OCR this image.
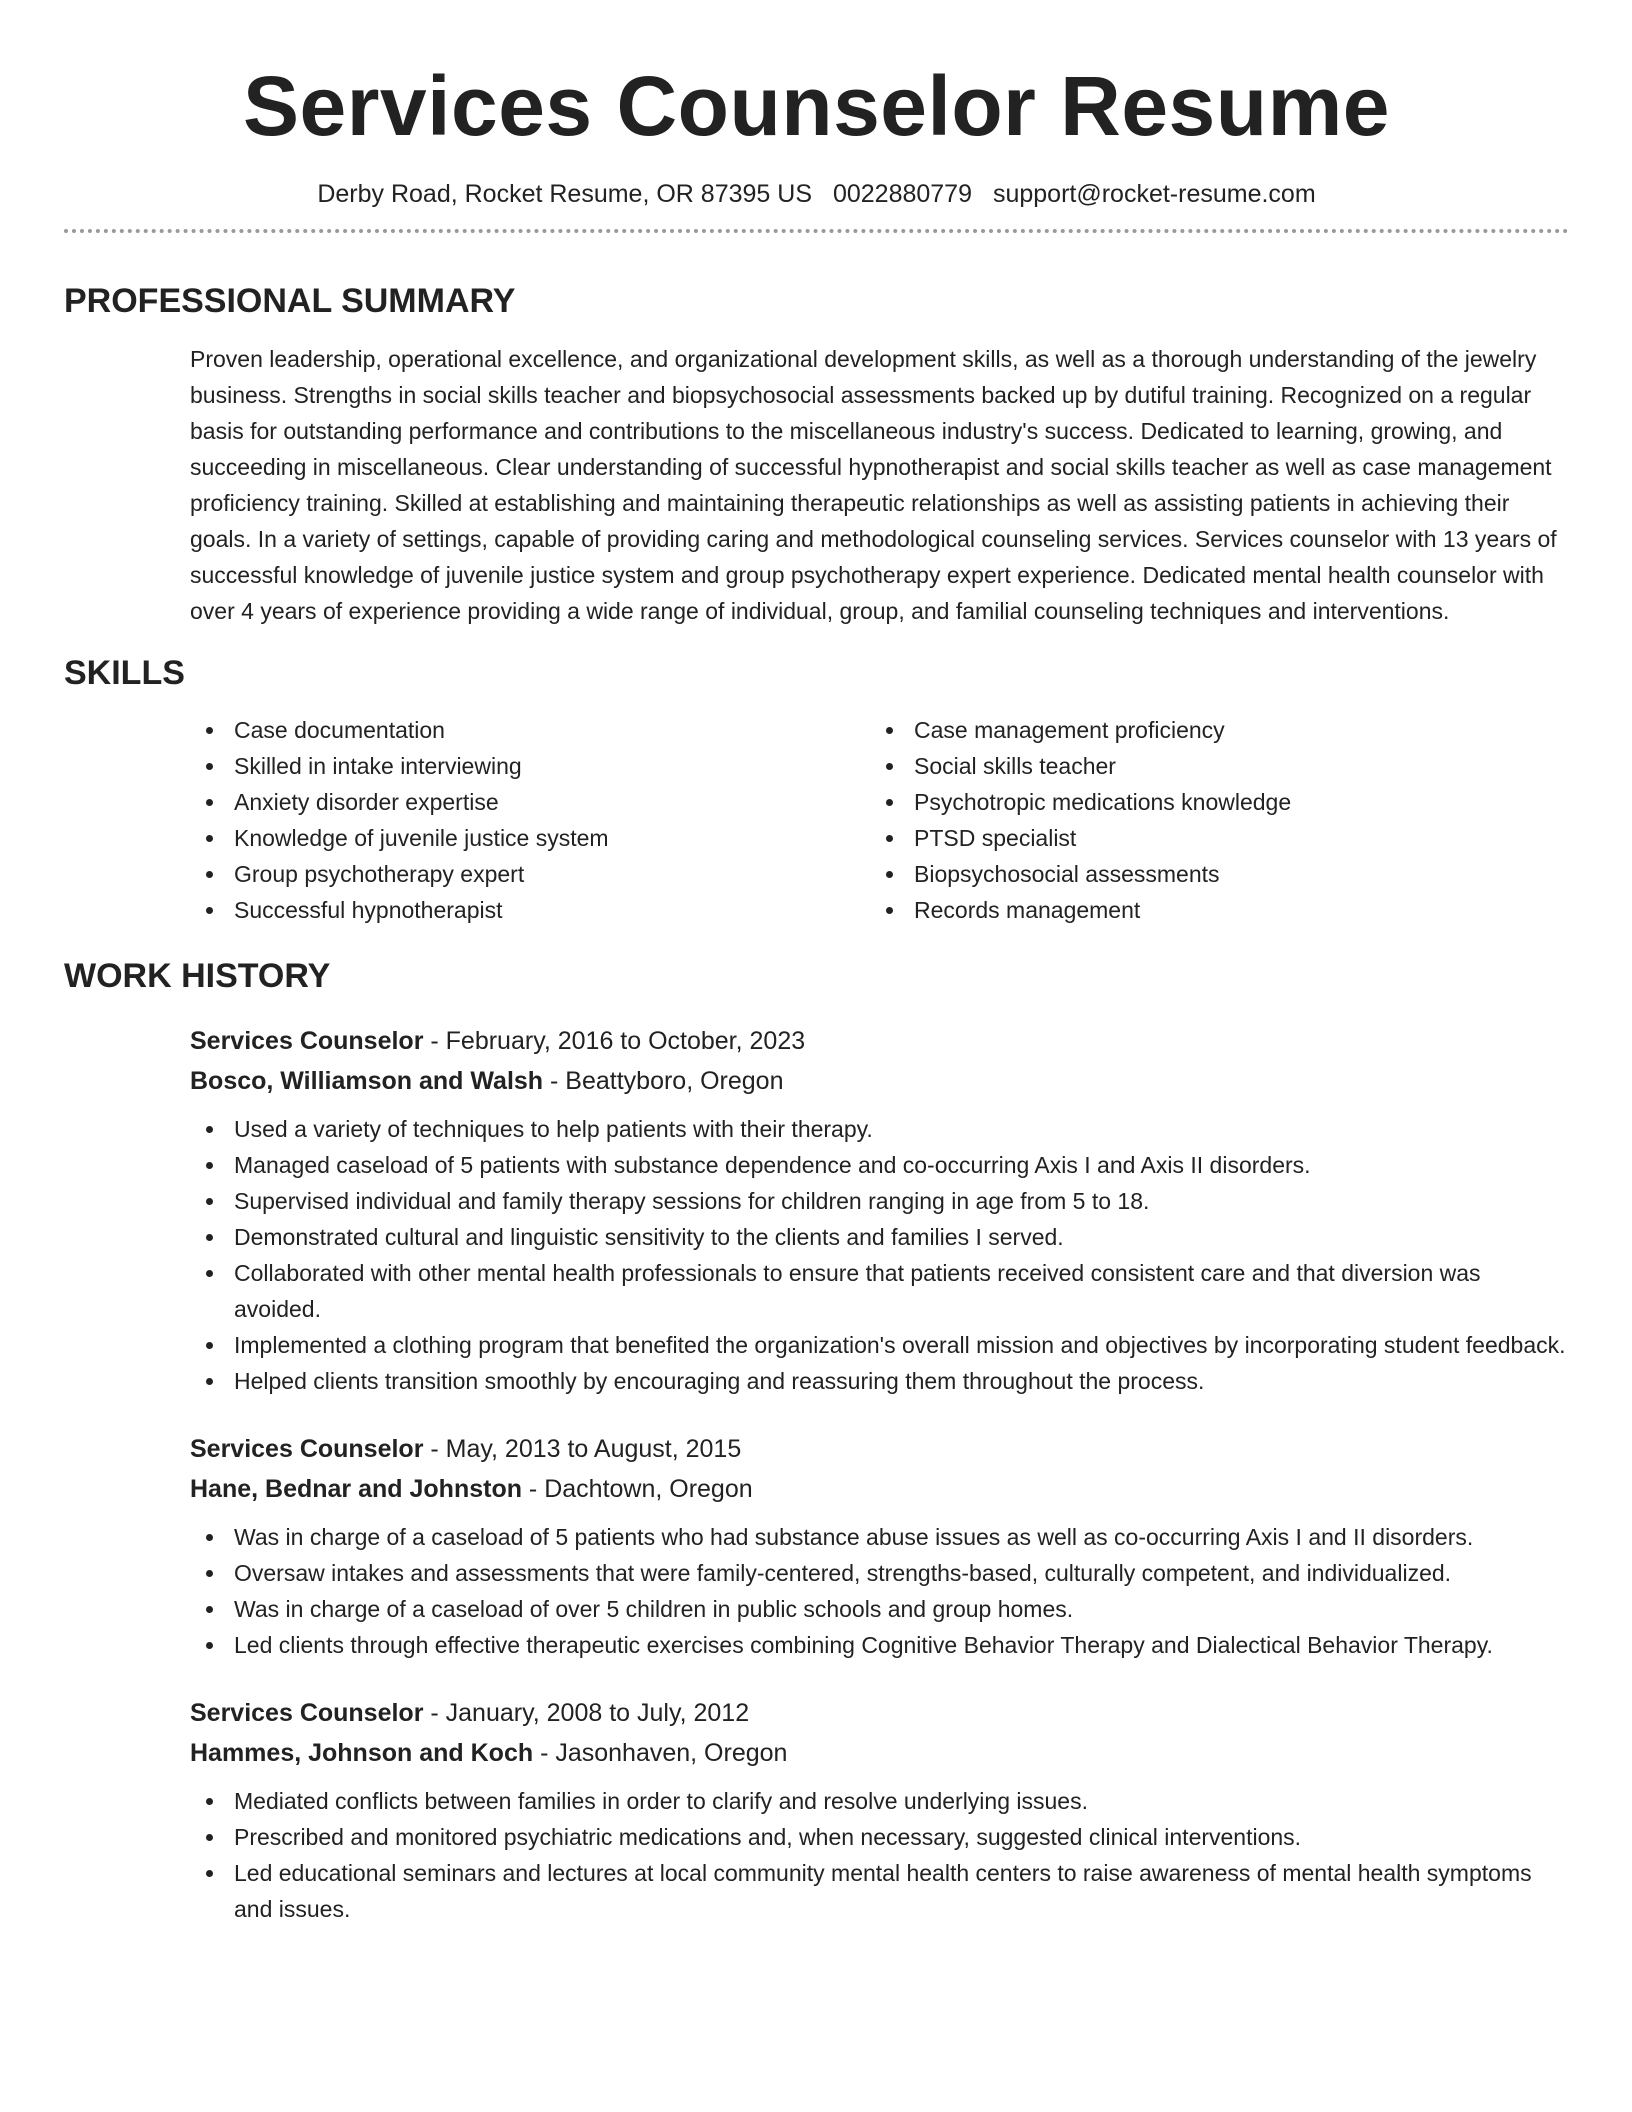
Services Counselor Resume
Derby Road, Rocket Resume, OR 87395 US 0022880779 support@rocket-resume.com
PROFESSIONAL SUMMARY

Proven leadership, operational excellence, and organizational development skills, as well as a thorough understanding of the jewelry business. Strengths in social skills teacher and biopsychosocial assessments backed up by dutiful training. Recognized on a regular basis for outstanding performance and contributions to the miscellaneous industry's success. Dedicated to learning, growing, and succeeding in miscellaneous. Clear understanding of successful hypnotherapist and social skills teacher as well as case management proficiency training. Skilled at establishing and maintaining therapeutic relationships as well as assisting patients in achieving their goals. In a variety of settings, capable of providing caring and methodological counseling services. Services counselor with 13 years of successful knowledge of juvenile justice system and group psychotherapy expert experience. Dedicated mental health counselor with over 4 years of experience providing a wide range of individual, group, and familial counseling techniques and interventions.

SKILLS
Case documentation
Skilled in intake interviewing
Anxiety disorder expertise
Knowledge of juvenile justice system
Group psychotherapy expert
Successful hypnotherapist
Case management proficiency
Social skills teacher
Psychotropic medications knowledge
PTSD specialist
Biopsychosocial assessments
Records management
WORK HISTORY
Services Counselor - February, 2016 to October, 2023
Bosco, Williamson and Walsh - Beattyboro, Oregon
Used a variety of techniques to help patients with their therapy.
Managed caseload of 5 patients with substance dependence and co-occurring Axis I and Axis II disorders.
Supervised individual and family therapy sessions for children ranging in age from 5 to 18.
Demonstrated cultural and linguistic sensitivity to the clients and families I served.
Collaborated with other mental health professionals to ensure that patients received consistent care and that diversion was avoided.
Implemented a clothing program that benefited the organization's overall mission and objectives by incorporating student feedback.
Helped clients transition smoothly by encouraging and reassuring them throughout the process.
Services Counselor - May, 2013 to August, 2015
Hane, Bednar and Johnston - Dachtown, Oregon
Was in charge of a caseload of 5 patients who had substance abuse issues as well as co-occurring Axis I and II disorders.
Oversaw intakes and assessments that were family-centered, strengths-based, culturally competent, and individualized.
Was in charge of a caseload of over 5 children in public schools and group homes.
Led clients through effective therapeutic exercises combining Cognitive Behavior Therapy and Dialectical Behavior Therapy.
Services Counselor - January, 2008 to July, 2012
Hammes, Johnson and Koch - Jasonhaven, Oregon
Mediated conflicts between families in order to clarify and resolve underlying issues.
Prescribed and monitored psychiatric medications and, when necessary, suggested clinical interventions.
Led educational seminars and lectures at local community mental health centers to raise awareness of mental health symptoms and issues.
